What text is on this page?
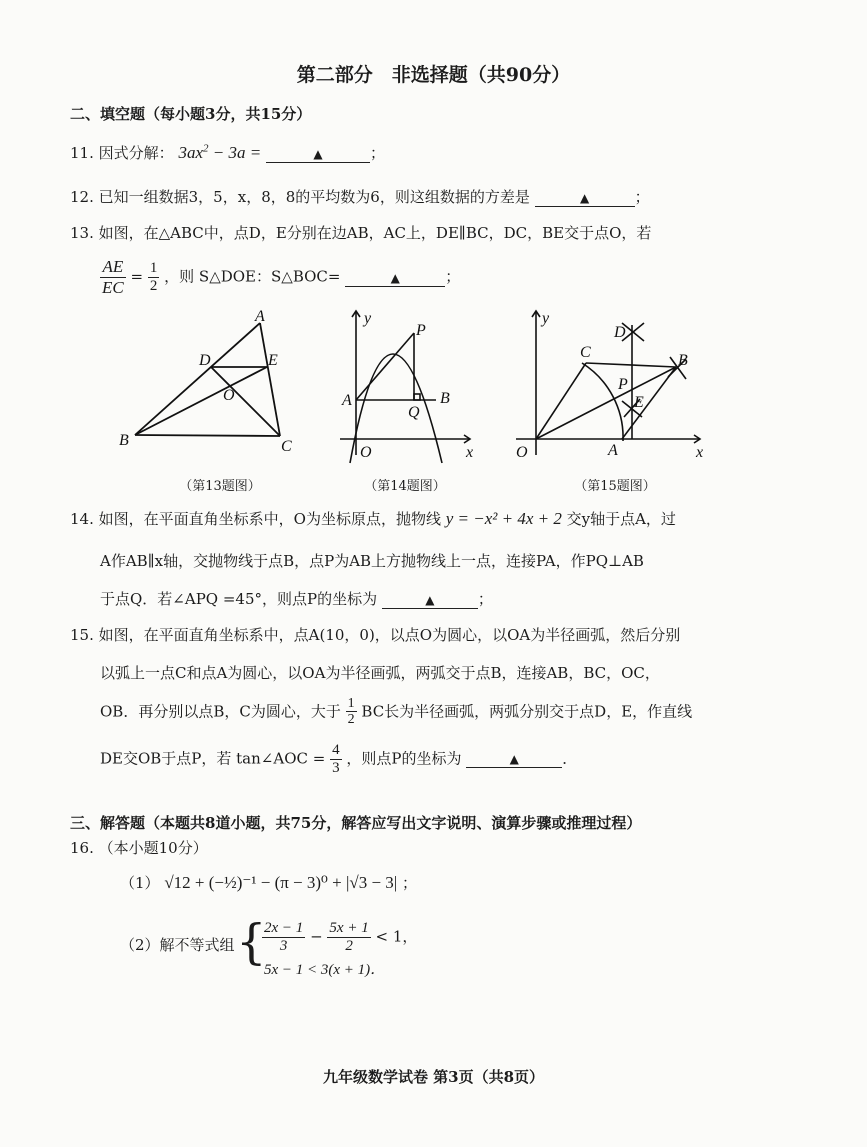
第二部分　非选择题（共90分）
二、填空题（每小题3分，共15分）
11. 因式分解： $3ax^2 - 3a$ =	▲	；
12. 已知一组数据3，5，x，8，8的平均数为6，则这组数据的方差是	▲	；
13. 如图，在△ABC中，点D，E分别在边AB，AC上，DE∥BC，DC，BE交于点O，若
$\frac{AE}{EC} = \frac{1}{2}$ ，则 S△DOE：S△BOC=	▲	；
A
B	C
D	E
O
（第13题图）
y
x
O
A	B
P
Q
（第14题图）
C	B
D
E
P
A
O
y
x
（第15题图）
14. 如图，在平面直角坐标系中，O为坐标原点，抛物线 y = −x² + 4x + 2 交y轴于点A，过
A作AB∥x轴，交抛物线于点B，点P为AB上方抛物线上一点，连接PA，作PQ⊥AB
于点Q．若∠APQ =45°，则点P的坐标为	▲	；
15. 如图，在平面直角坐标系中，点A(10，0)，以点O为圆心，以OA为半径画弧，然后分别
以弧上一点C和点A为圆心，以OA为半径画弧，两弧交于点B，连接AB，BC，OC，
OB．再分别以点B，C为圆心，大于 $\frac{1}{2}$ BC长为半径画弧，两弧分别交于点D，E，作直线
DE交OB于点P，若 tan∠AOC = $\frac{4}{3}$ ，则点P的坐标为	▲	．
三、解答题（本题共8道小题，共75分，解答应写出文字说明、演算步骤或推理过程）
16. （本小题10分）
（1） √12 + (−½)⁻¹ − (π − 3)⁰ + |√3 − 3| ；
（2）解不等式组 {
$\frac{2x - 1}{3} - \frac{5x + 1}{2} < 1$，
5x − 1 < 3(x + 1)．
九年级数学试卷 第3页（共8页）
